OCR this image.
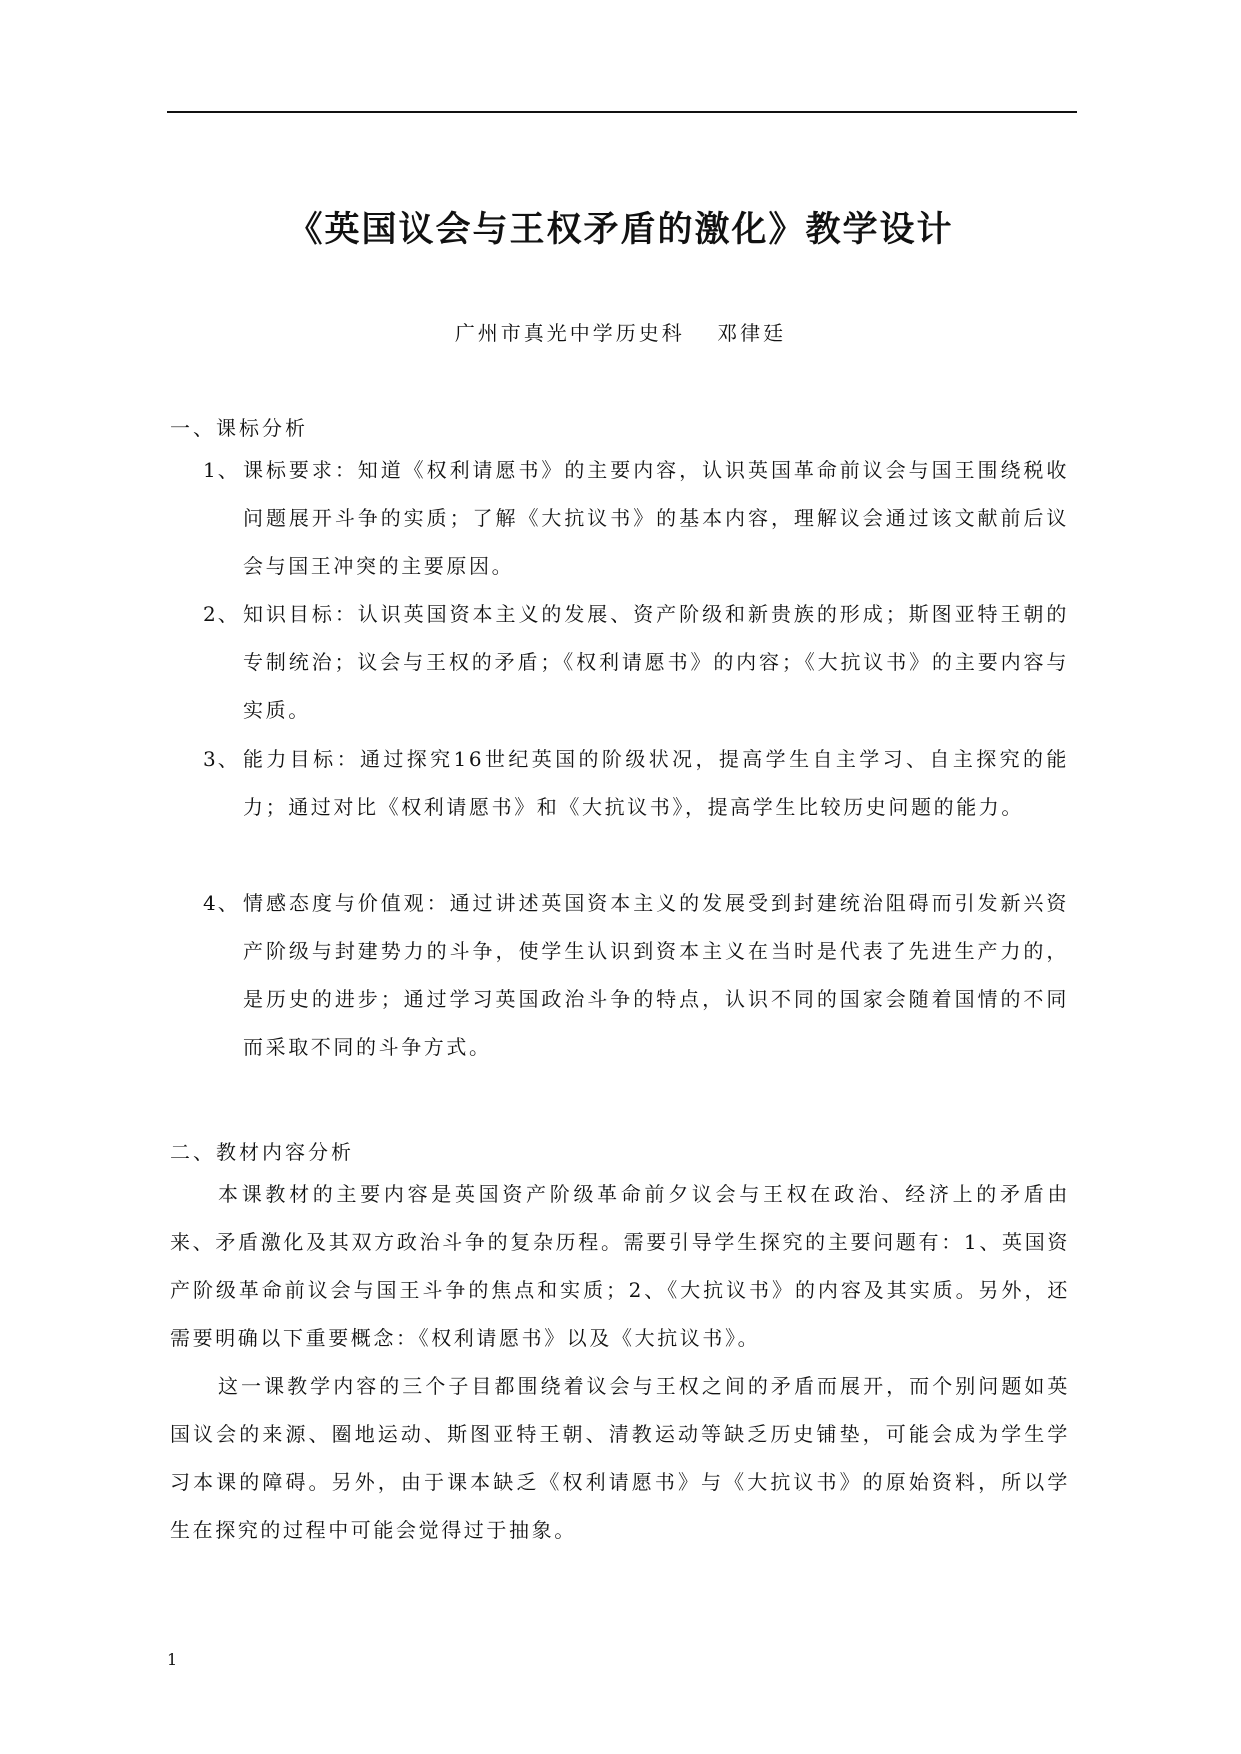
《英国议会与王权矛盾的激化》教学设计
广州市真光中学历史科　 邓律廷
一、课标分析
1、 课标要求：知道《权利请愿书》的主要内容，认识英国革命前议会与国王围绕税收问题展开斗争的实质；了解《大抗议书》的基本内容，理解议会通过该文献前后议会与国王冲突的主要原因。
2、 知识目标：认识英国资本主义的发展、资产阶级和新贵族的形成；斯图亚特王朝的专制统治；议会与王权的矛盾；《权利请愿书》的内容；《大抗议书》的主要内容与实质。
3、 能力目标：通过探究16世纪英国的阶级状况，提高学生自主学习、自主探究的能力；通过对比《权利请愿书》和《大抗议书》，提高学生比较历史问题的能力。
4、 情感态度与价值观：通过讲述英国资本主义的发展受到封建统治阻碍而引发新兴资产阶级与封建势力的斗争，使学生认识到资本主义在当时是代表了先进生产力的，是历史的进步；通过学习英国政治斗争的特点，认识不同的国家会随着国情的不同而采取不同的斗争方式。
二、教材内容分析

本课教材的主要内容是英国资产阶级革命前夕议会与王权在政治、经济上的矛盾由来、矛盾激化及其双方政治斗争的复杂历程。需要引导学生探究的主要问题有：1、英国资产阶级革命前议会与国王斗争的焦点和实质；2、《大抗议书》的内容及其实质。另外，还需要明确以下重要概念：《权利请愿书》以及《大抗议书》。

这一课教学内容的三个子目都围绕着议会与王权之间的矛盾而展开，而个别问题如英国议会的来源、圈地运动、斯图亚特王朝、清教运动等缺乏历史铺垫，可能会成为学生学习本课的障碍。另外，由于课本缺乏《权利请愿书》与《大抗议书》的原始资料，所以学生在探究的过程中可能会觉得过于抽象。

1
